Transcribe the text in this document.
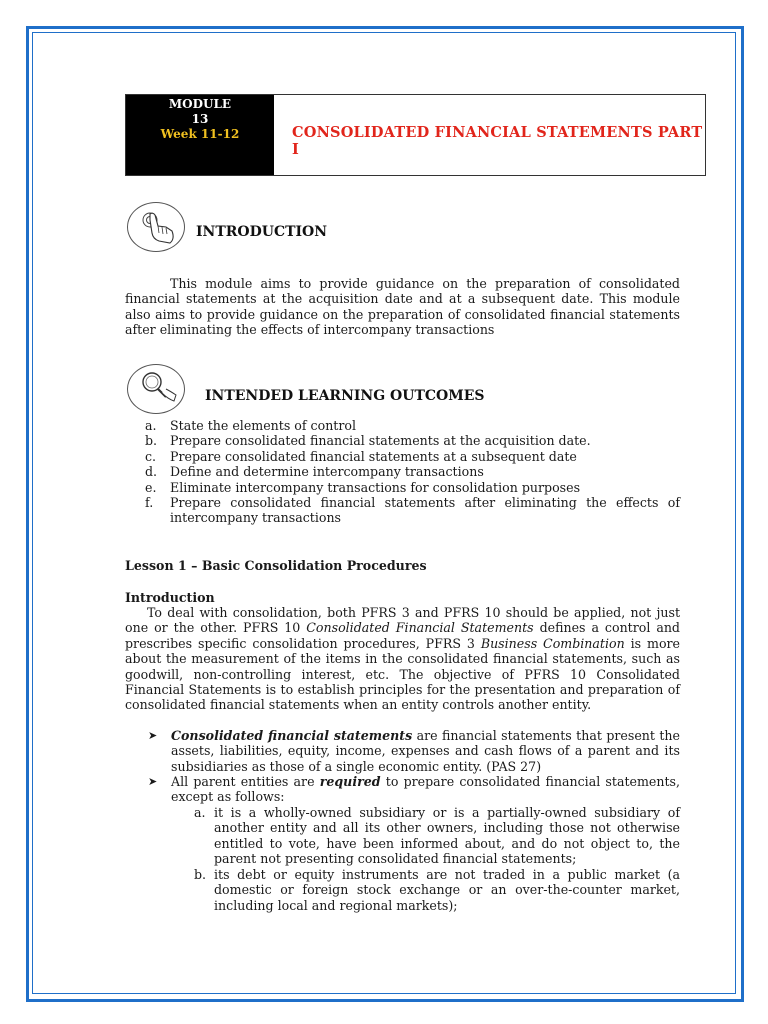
MODULE
13
Week 11-12	CONSOLIDATED FINANCIAL STATEMENTS PART I
INTRODUCTION
This module aims to provide guidance on the preparation of consolidated financial statements at the acquisition date and at a subsequent date. This module also aims to provide guidance on the preparation of consolidated financial statements after eliminating the effects of intercompany transactions
INTENDED LEARNING OUTCOMES
a. State the elements of control
b. Prepare consolidated financial statements at the acquisition date.
c. Prepare consolidated financial statements at a subsequent date
d. Define and determine intercompany transactions
e. Eliminate intercompany transactions for consolidation purposes
f. Prepare consolidated financial statements after eliminating the effects of intercompany transactions
Lesson 1 – Basic Consolidation Procedures
Introduction
To deal with consolidation, both PFRS 3 and PFRS 10 should be applied, not just one or the other. PFRS 10 Consolidated Financial Statements defines a control and prescribes specific consolidation procedures, PFRS 3 Business Combination is more about the measurement of the items in the consolidated financial statements, such as goodwill, non-controlling interest, etc. The objective of PFRS 10 Consolidated Financial Statements is to establish principles for the presentation and preparation of consolidated financial statements when an entity controls another entity.
➤	Consolidated financial statements are financial statements that present the assets, liabilities, equity, income, expenses and cash flows of a parent and its subsidiaries as those of a single economic entity. (PAS 27)
➤	All parent entities are required to prepare consolidated financial statements, except as follows:
a. it is a wholly-owned subsidiary or is a partially-owned subsidiary of another entity and all its other owners, including those not otherwise entitled to vote, have been informed about, and do not object to, the parent not presenting consolidated financial statements;
b. its debt or equity instruments are not traded in a public market (a domestic or foreign stock exchange or an over-the-counter market, including local and regional markets);
